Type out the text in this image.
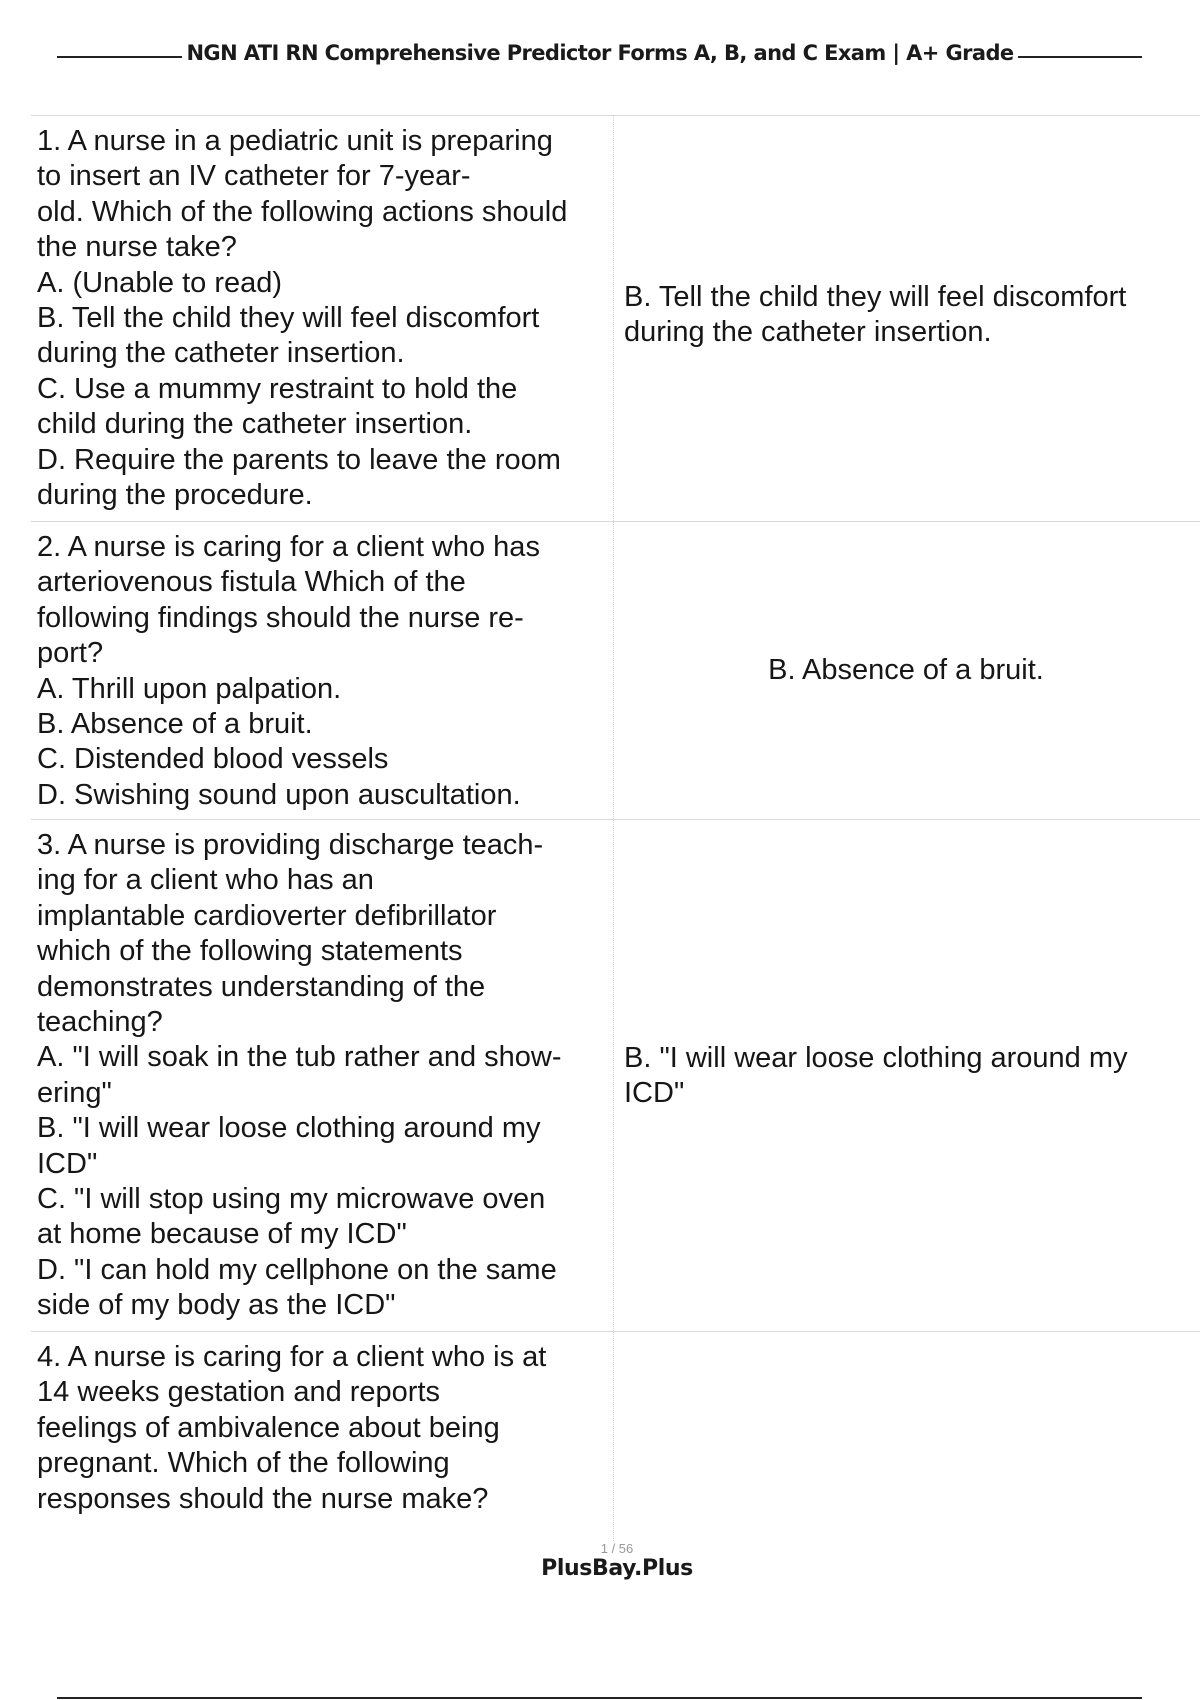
NGN ATI RN Comprehensive Predictor Forms A, B, and C Exam | A+ Grade
1. A nurse in a pediatric unit is preparing
to insert an IV catheter for 7-year-
old. Which of the following actions should
the nurse take?
A. (Unable to read)
B. Tell the child they will feel discomfort
during the catheter insertion.
C. Use a mummy restraint to hold the
child during the catheter insertion.
D. Require the parents to leave the room
during the procedure.
B. Tell the child they will feel discomfort
during the catheter insertion.
2. A nurse is caring for a client who has
arteriovenous fistula Which of the
following findings should the nurse re-
port?
A. Thrill upon palpation.
B. Absence of a bruit.
C. Distended blood vessels
D. Swishing sound upon auscultation.
B. Absence of a bruit.
3. A nurse is providing discharge teach-
ing for a client who has an
implantable cardioverter defibrillator
which of the following statements
demonstrates understanding of the
teaching?
A. "I will soak in the tub rather and show-
ering"
B. "I will wear loose clothing around my
ICD"
C. "I will stop using my microwave oven
at home because of my ICD"
D. "I can hold my cellphone on the same
side of my body as the ICD"
B. "I will wear loose clothing around my
ICD"
4. A nurse is caring for a client who is at
14 weeks gestation and reports
feelings of ambivalence about being
pregnant. Which of the following
responses should the nurse make?
1 / 56
PlusBay.Plus
